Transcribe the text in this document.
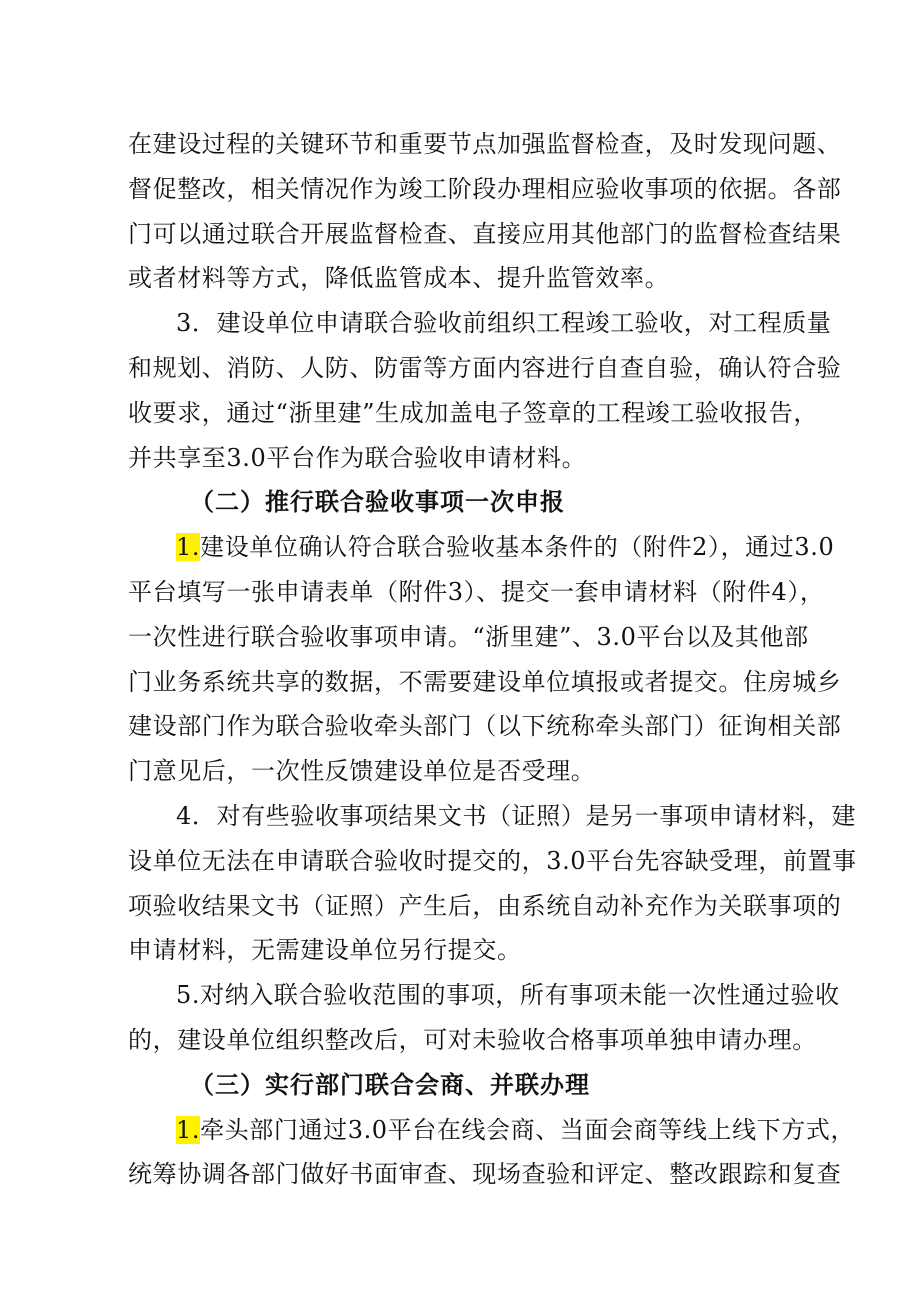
在建设过程的关键环节和重要节点加强监督检查，及时发现问题、
督促整改，相关情况作为竣工阶段办理相应验收事项的依据。各部
门可以通过联合开展监督检查、直接应用其他部门的监督检查结果
或者材料等方式，降低监管成本、提升监管效率。
3．建设单位申请联合验收前组织工程竣工验收，对工程质量
和规划、消防、人防、防雷等方面内容进行自查自验，确认符合验
收要求，通过“浙里建”生成加盖电子签章的工程竣工验收报告，
并共享至3.0平台作为联合验收申请材料。
（二）推行联合验收事项一次申报
1.建设单位确认符合联合验收基本条件的（附件2），通过3.0
平台填写一张申请表单（附件3）、提交一套申请材料（附件4），
一次性进行联合验收事项申请。“浙里建”、3.0平台以及其他部
门业务系统共享的数据，不需要建设单位填报或者提交。住房城乡
建设部门作为联合验收牵头部门（以下统称牵头部门）征询相关部
门意见后，一次性反馈建设单位是否受理。
4．对有些验收事项结果文书（证照）是另一事项申请材料，建
设单位无法在申请联合验收时提交的，3.0平台先容缺受理，前置事
项验收结果文书（证照）产生后，由系统自动补充作为关联事项的
申请材料，无需建设单位另行提交。
5.对纳入联合验收范围的事项，所有事项未能一次性通过验收
的，建设单位组织整改后，可对未验收合格事项单独申请办理。
（三）实行部门联合会商、并联办理
1.牵头部门通过3.0平台在线会商、当面会商等线上线下方式，
统筹协调各部门做好书面审查、现场查验和评定、整改跟踪和复查
